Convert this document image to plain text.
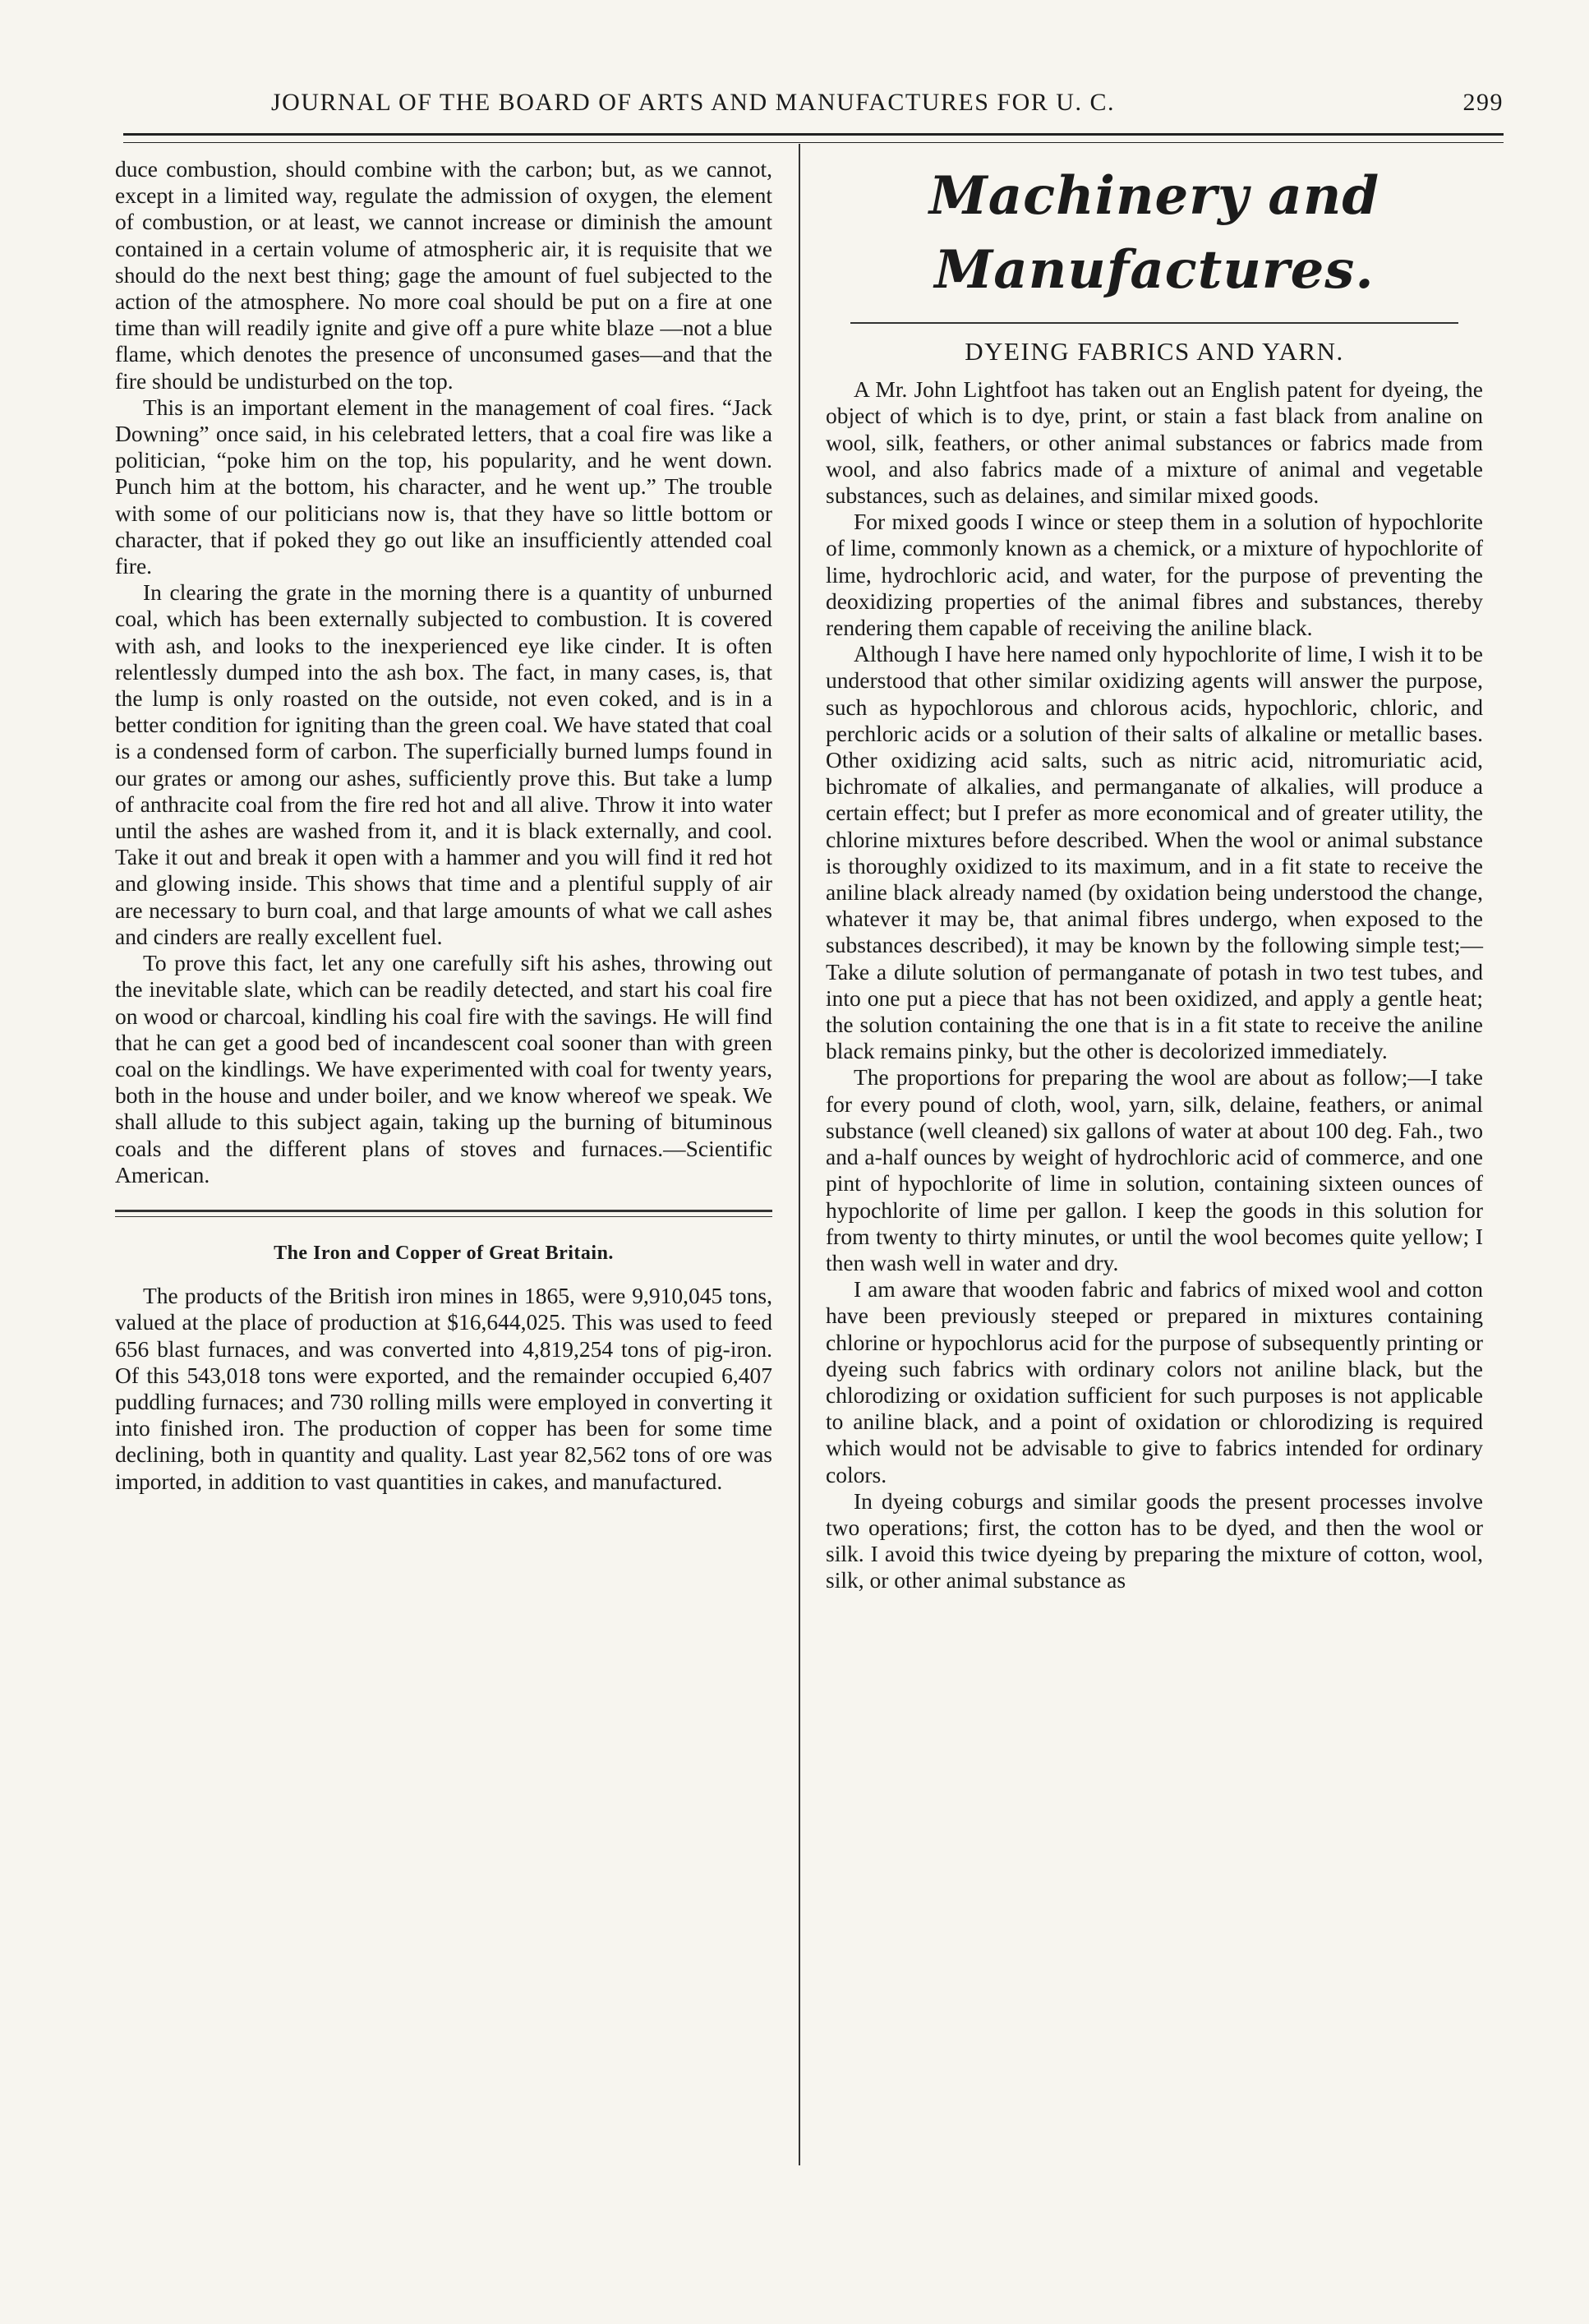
JOURNAL OF THE BOARD OF ARTS AND MANUFACTURES FOR U. C.	299

duce combustion, should combine with the carbon; but, as we cannot, except in a limited way, regulate the admission of oxygen, the element of combustion, or at least, we cannot increase or diminish the amount contained in a certain volume of atmospheric air, it is requisite that we should do the next best thing; gage the amount of fuel subjected to the action of the atmosphere. No more coal should be put on a fire at one time than will readily ignite and give off a pure white blaze —not a blue flame, which denotes the presence of unconsumed gases—and that the fire should be undisturbed on the top.

This is an important element in the management of coal fires. “Jack Downing” once said, in his celebrated letters, that a coal fire was like a politician, “poke him on the top, his popularity, and he went down. Punch him at the bottom, his character, and he went up.” The trouble with some of our politicians now is, that they have so little bottom or character, that if poked they go out like an insufficiently attended coal fire.

In clearing the grate in the morning there is a quantity of unburned coal, which has been externally subjected to combustion. It is covered with ash, and looks to the inexperienced eye like cinder. It is often relentlessly dumped into the ash box. The fact, in many cases, is, that the lump is only roasted on the outside, not even coked, and is in a better condition for igniting than the green coal. We have stated that coal is a condensed form of carbon. The superficially burned lumps found in our grates or among our ashes, sufficiently prove this. But take a lump of anthracite coal from the fire red hot and all alive. Throw it into water until the ashes are washed from it, and it is black externally, and cool. Take it out and break it open with a hammer and you will find it red hot and glowing inside. This shows that time and a plentiful supply of air are necessary to burn coal, and that large amounts of what we call ashes and cinders are really excellent fuel.

To prove this fact, let any one carefully sift his ashes, throwing out the inevitable slate, which can be readily detected, and start his coal fire on wood or charcoal, kindling his coal fire with the savings. He will find that he can get a good bed of incandescent coal sooner than with green coal on the kindlings. We have experimented with coal for twenty years, both in the house and under boiler, and we know whereof we speak. We shall allude to this subject again, taking up the burning of bituminous coals and the different plans of stoves and furnaces.—Scientific American.

The Iron and Copper of Great Britain.

The products of the British iron mines in 1865, were 9,910,045 tons, valued at the place of production at $16,644,025. This was used to feed 656 blast furnaces, and was converted into 4,819,254 tons of pig-iron. Of this 543,018 tons were exported, and the remainder occupied 6,407 puddling furnaces; and 730 rolling mills were employed in converting it into finished iron. The production of copper has been for some time declining, both in quantity and quality. Last year 82,562 tons of ore was imported, in addition to vast quantities in cakes, and manufactured.

Machinery and Manufactures.
DYEING FABRICS AND YARN.

A Mr. John Lightfoot has taken out an English patent for dyeing, the object of which is to dye, print, or stain a fast black from analine on wool, silk, feathers, or other animal substances or fabrics made from wool, and also fabrics made of a mixture of animal and vegetable substances, such as delaines, and similar mixed goods.

For mixed goods I wince or steep them in a solution of hypochlorite of lime, commonly known as a chemick, or a mixture of hypochlorite of lime, hydrochloric acid, and water, for the purpose of preventing the deoxidizing properties of the animal fibres and substances, thereby rendering them capable of receiving the aniline black.

Although I have here named only hypochlorite of lime, I wish it to be understood that other similar oxidizing agents will answer the purpose, such as hypochlorous and chlorous acids, hypochloric, chloric, and perchloric acids or a solution of their salts of alkaline or metallic bases. Other oxidizing acid salts, such as nitric acid, nitromuriatic acid, bichromate of alkalies, and permanganate of alkalies, will produce a certain effect; but I prefer as more economical and of greater utility, the chlorine mixtures before described. When the wool or animal substance is thoroughly oxidized to its maximum, and in a fit state to receive the aniline black already named (by oxidation being understood the change, whatever it may be, that animal fibres undergo, when exposed to the substances described), it may be known by the following simple test;—Take a dilute solution of permanganate of potash in two test tubes, and into one put a piece that has not been oxidized, and apply a gentle heat; the solution containing the one that is in a fit state to receive the aniline black remains pinky, but the other is decolorized immediately.

The proportions for preparing the wool are about as follow;—I take for every pound of cloth, wool, yarn, silk, delaine, feathers, or animal substance (well cleaned) six gallons of water at about 100 deg. Fah., two and a-half ounces by weight of hydrochloric acid of commerce, and one pint of hypochlorite of lime in solution, containing sixteen ounces of hypochlorite of lime per gallon. I keep the goods in this solution for from twenty to thirty minutes, or until the wool becomes quite yellow; I then wash well in water and dry.

I am aware that wooden fabric and fabrics of mixed wool and cotton have been previously steeped or prepared in mixtures containing chlorine or hypochlorus acid for the purpose of subsequently printing or dyeing such fabrics with ordinary colors not aniline black, but the chlorodizing or oxidation sufficient for such purposes is not applicable to aniline black, and a point of oxidation or chlorodizing is required which would not be advisable to give to fabrics intended for ordinary colors.

In dyeing coburgs and similar goods the present processes involve two operations; first, the cotton has to be dyed, and then the wool or silk. I avoid this twice dyeing by preparing the mixture of cotton, wool, silk, or other animal substance as
